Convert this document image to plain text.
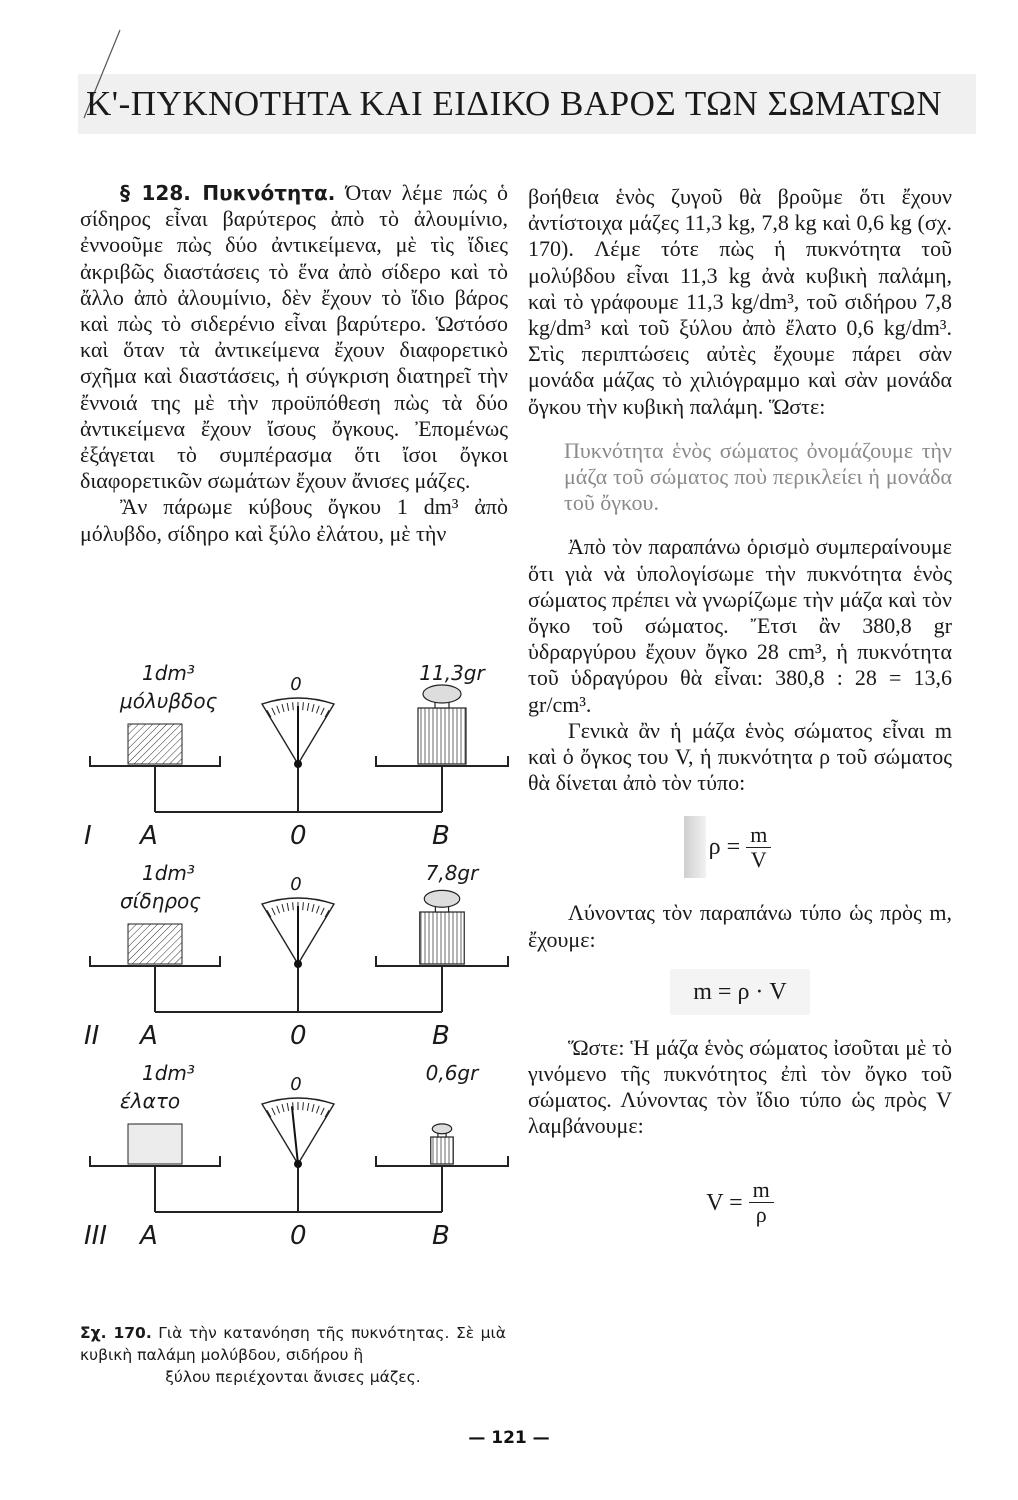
Κ'-ΠΥΚΝΟΤΗΤΑ ΚΑΙ ΕΙΔΙΚΟ ΒΑΡΟΣ ΤΩΝ ΣΩΜΑΤΩΝ

§ 128. Πυκνότητα. Όταν λέμε πώς ὁ σίδηρος εἶναι βαρύτερος ἀπὸ τὸ ἀλουμίνιο, ἐννοοῦμε πὼς δύο ἀντικείμενα, μὲ τὶς ἴδιες ἀκριβῶς διαστάσεις τὸ ἕνα ἀπὸ σίδερο καὶ τὸ ἄλλο ἀπὸ ἀλουμίνιο, δὲν ἔχουν τὸ ἴδιο βάρος καὶ πὼς τὸ σιδερένιο εἶναι βαρύτερο. Ὡστόσο καὶ ὅταν τὰ ἀντικείμενα ἔχουν διαφορετικὸ σχῆμα καὶ διαστάσεις, ἡ σύγκριση διατηρεῖ τὴν ἔννοιά της μὲ τὴν προϋπόθεση πὼς τὰ δύο ἀντικείμενα ἔχουν ἴσους ὄγκους. Ἐπομένως ἐξάγεται τὸ συμπέρασμα ὅτι ἴσοι ὄγκοι διαφορετικῶν σωμάτων ἔχουν ἄνισες μάζες.

Ἂν πάρωμε κύβους ὄγκου 1 dm³ ἀπὸ μόλυβδο, σίδηρο καὶ ξύλο ἐλάτου, μὲ τὴν

1dm³
μόλυβδος
11,3gr
0
I A	0	B
1dm³
σίδηρος
7,8gr
0
II A	0	B
1dm³
έλατο
0,6gr
0
III A	0	B
Σχ. 170. Γιὰ τὴν κατανόηση τῆς πυκνότητας. Σὲ μιὰ κυβικὴ παλάμη μολύβδου, σιδήρου ἢ
ξύλου περιέχονται ἄνισες μάζες.

βοήθεια ἑνὸς ζυγοῦ θὰ βροῦμε ὅτι ἔχουν ἀντίστοιχα μάζες 11,3 kg, 7,8 kg καὶ 0,6 kg (σχ. 170). Λέμε τότε πὼς ἡ πυκνότητα τοῦ μολύβδου εἶναι 11,3 kg ἀνὰ κυβικὴ παλάμη, καὶ τὸ γράφουμε 11,3 kg/dm³, τοῦ σιδήρου 7,8 kg/dm³ καὶ τοῦ ξύλου ἀπὸ ἔλατο 0,6 kg/dm³. Στὶς περιπτώσεις αὐτὲς ἔχουμε πάρει σὰν μονάδα μάζας τὸ χιλιόγραμμο καὶ σὰν μονάδα ὄγκου τὴν κυβικὴ παλάμη. Ὥστε:

Πυκνότητα ἑνὸς σώματος ὀνομάζουμε τὴν μάζα τοῦ σώματος ποὺ περικλείει ἡ μονάδα τοῦ ὄγκου.

Ἀπὸ τὸν παραπάνω ὁρισμὸ συμπεραίνουμε ὅτι γιὰ νὰ ὑπολογίσωμε τὴν πυκνότητα ἑνὸς σώματος πρέπει νὰ γνωρίζωμε τὴν μάζα καὶ τὸν ὄγκο τοῦ σώματος. Ἔτσι ἂν 380,8 gr ὑδραργύρου ἔχουν ὄγκο 28 cm³, ἡ πυκνότητα τοῦ ὑδραγύρου θὰ εἶναι: 380,8 : 28 = 13,6 gr/cm³.

Γενικὰ ἂν ἡ μάζα ἑνὸς σώματος εἶναι m καὶ ὁ ὄγκος του V, ἡ πυκνότητα ρ τοῦ σώματος θὰ δίνεται ἀπὸ τὸν τύπο:

$\rho = \frac{m}{V}$

Λύνοντας τὸν παραπάνω τύπο ὡς πρὸς m, ἔχουμε:

m = ρ · V

Ὥστε: Ἡ μάζα ἑνὸς σώματος ἰσοῦται μὲ τὸ γινόμενο τῆς πυκνότητος ἐπὶ τὸν ὄγκο τοῦ σώματος. Λύνοντας τὸν ἴδιο τύπο ὡς πρὸς V λαμβάνουμε:

$V = \frac{m}{\rho}$
— 121 —
